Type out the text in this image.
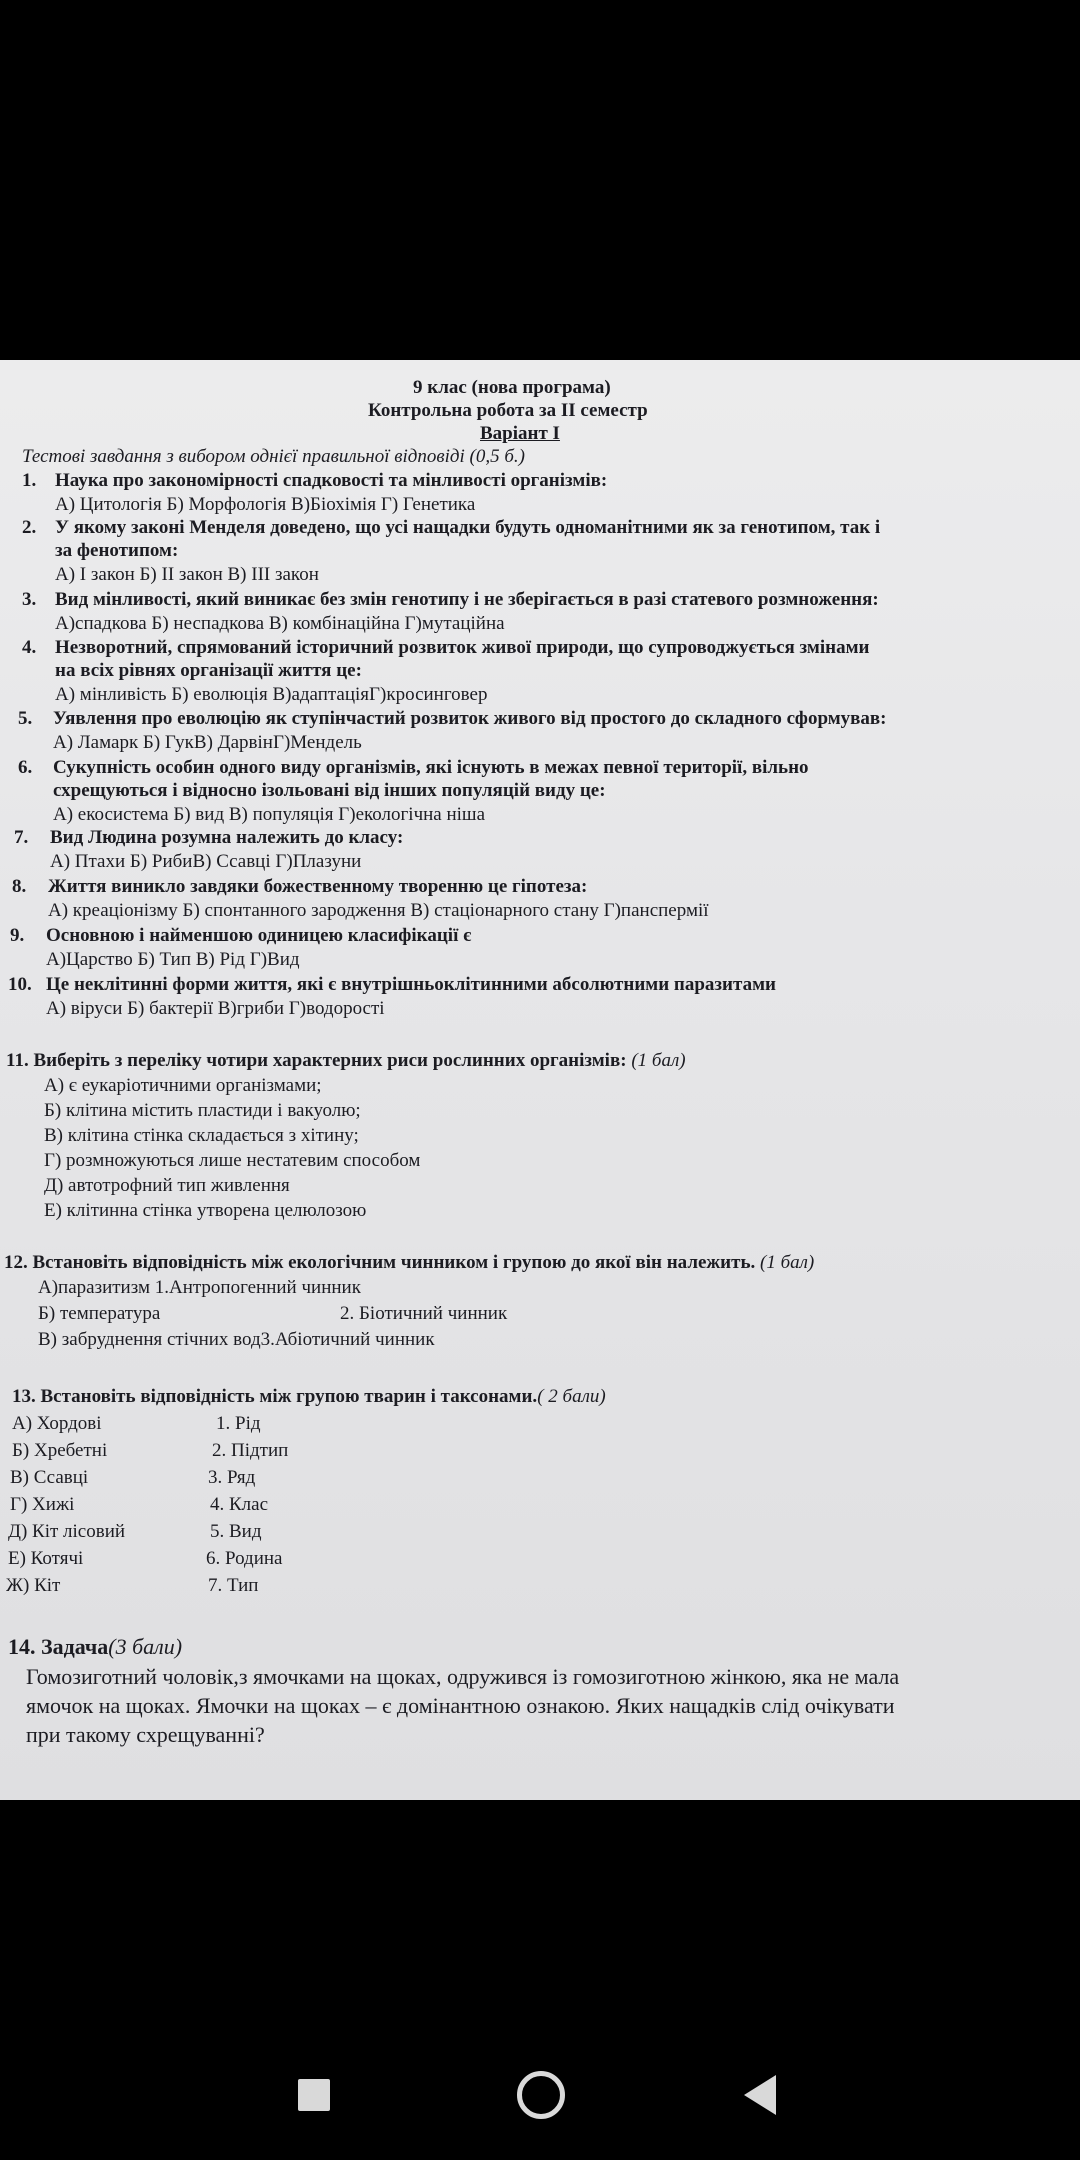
9 клас (нова програма)
Контрольна робота за ІІ семестр
Варіант І
Тестові завдання з вибором однієї правильної відповіді (0,5 б.)
1. Наука про закономірності спадковості та мінливості організмів:
А) Цитологія Б) Морфологія В)Біохімія Г) Генетика
2. У якому законі Менделя доведено, що усі нащадки будуть одноманітними як за генотипом, так і
за фенотипом:
А) І закон Б) ІІ закон В) ІІІ закон
3. Вид мінливості, який виникає без змін генотипу і не зберігається в разі статевого розмноження:
А)спадкова Б) неспадкова В) комбінаційна Г)мутаційна
4. Незворотний, спрямований історичний розвиток живої природи, що супроводжується змінами
на всіх рівнях організації життя це:
А) мінливість Б) еволюція В)адаптаціяГ)кросинговер
5. Уявлення про еволюцію як ступінчастий розвиток живого від простого до складного сформував:
А) Ламарк Б) ГукВ) ДарвінГ)Мендель
6. Сукупність особин одного виду організмів, які існують в межах певної території, вільно
схрещуються і відносно ізольовані від інших популяцій виду це:
А) екосистема Б) вид В) популяція Г)екологічна ніша
7. Вид Людина розумна належить до класу:
А) Птахи Б) РибиВ) Ссавці Г)Плазуни
8. Життя виникло завдяки божественному творенню це гіпотеза:
А) креаціонізму Б) спонтанного зародження В) стаціонарного стану Г)панспермії
9. Основною і найменшою одиницею класифікації є
А)Царство Б) Тип В) Рід Г)Вид
10. Це неклітинні форми життя, які є внутрішньоклітинними абсолютними паразитами
А) віруси Б) бактерії В)гриби Г)водорості
11. Виберіть з переліку чотири характерних риси рослинних організмів: (1 бал)
А) є еукаріотичними організмами;
Б) клітина містить пластиди і вакуолю;
В) клітина стінка складається з хітину;
Г) розмножуються лише нестатевим способом
Д) автотрофний тип живлення
Е) клітинна стінка утворена целюлозою
12. Встановіть відповідність між екологічним чинником і групою до якої він належить. (1 бал)
А)паразитизм 1.Антропогенний чинник
Б) температура	2. Біотичний чинник
В) забруднення стічних вод3.Абіотичний чинник
13. Встановіть відповідність між групою тварин і таксонами.( 2 бали)
А) Хордові
Б) Хребетні
В) Ссавці
Г) Хижі
Д) Кіт лісовий
Е) Котячі
Ж) Кіт
1. Рід
2. Підтип
3. Ряд
4. Клас
5. Вид
6. Родина
7. Тип
14. Задача(3 бали)
Гомозиготний чоловік,з ямочками на щоках, одружився із гомозиготною жінкою, яка не мала
ямочок на щоках. Ямочки на щоках – є домінантною ознакою. Яких нащадків слід очікувати
при такому схрещуванні?
